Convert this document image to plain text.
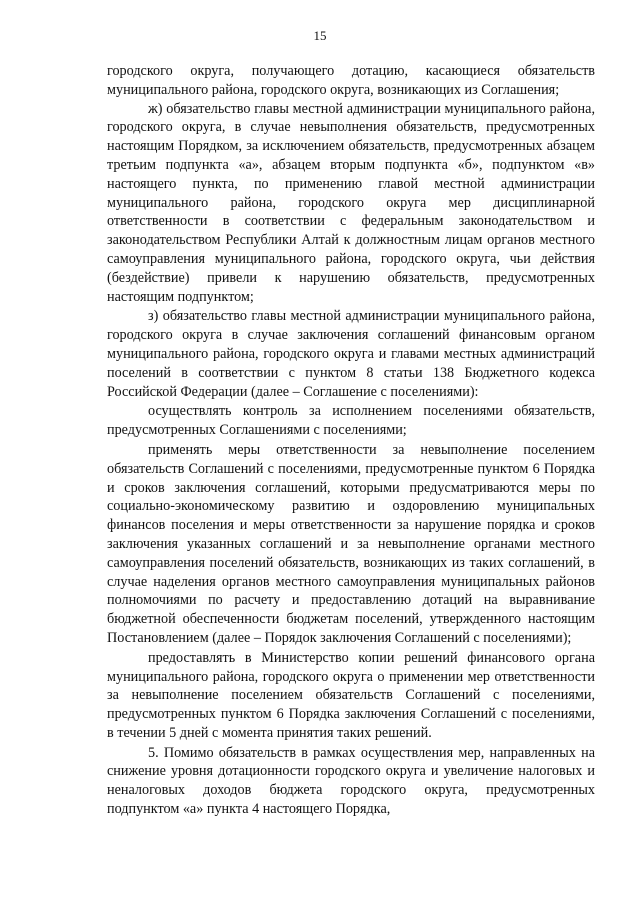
15

городского округа, получающего дотацию, касающиеся обязательств муниципального района, городского округа, возникающих из Соглашения;

ж) обязательство главы местной администрации муниципального района, городского округа, в случае невыполнения обязательств, предусмотренных настоящим Порядком, за исключением обязательств, предусмотренных абзацем третьим подпункта «а», абзацем вторым подпункта «б», подпунктом «в» настоящего пункта, по применению главой местной администрации муниципального района, городского округа мер дисциплинарной ответственности в соответствии с федеральным законодательством и законодательством Республики Алтай к должностным лицам органов местного самоуправления муниципального района, городского округа, чьи действия (бездействие) привели к нарушению обязательств, предусмотренных настоящим подпунктом;

з) обязательство главы местной администрации муниципального района, городского округа в случае заключения соглашений финансовым органом муниципального района, городского округа и главами местных администраций поселений в соответствии с пунктом 8 статьи 138 Бюджетного кодекса Российской Федерации (далее – Соглашение с поселениями):

осуществлять контроль за исполнением поселениями обязательств, предусмотренных Соглашениями с поселениями;

применять меры ответственности за невыполнение поселением обязательств Соглашений с поселениями, предусмотренные пунктом 6 Порядка и сроков заключения соглашений, которыми предусматриваются меры по социально-экономическому развитию и оздоровлению муниципальных финансов поселения и меры ответственности за нарушение порядка и сроков заключения указанных соглашений и за невыполнение органами местного самоуправления поселений обязательств, возникающих из таких соглашений, в случае наделения органов местного самоуправления муниципальных районов полномочиями по расчету и предоставлению дотаций на выравнивание бюджетной обеспеченности бюджетам поселений, утвержденного настоящим Постановлением (далее – Порядок заключения Соглашений с поселениями);

предоставлять в Министерство копии решений финансового органа муниципального района, городского округа о применении мер ответственности за невыполнение поселением обязательств Соглашений с поселениями, предусмотренных пунктом 6 Порядка заключения Соглашений с поселениями, в течении 5 дней с момента принятия таких решений.

5. Помимо обязательств в рамках осуществления мер, направленных на снижение уровня дотационности городского округа и увеличение налоговых и неналоговых доходов бюджета городского округа, предусмотренных подпунктом «а» пункта 4 настоящего Порядка,
